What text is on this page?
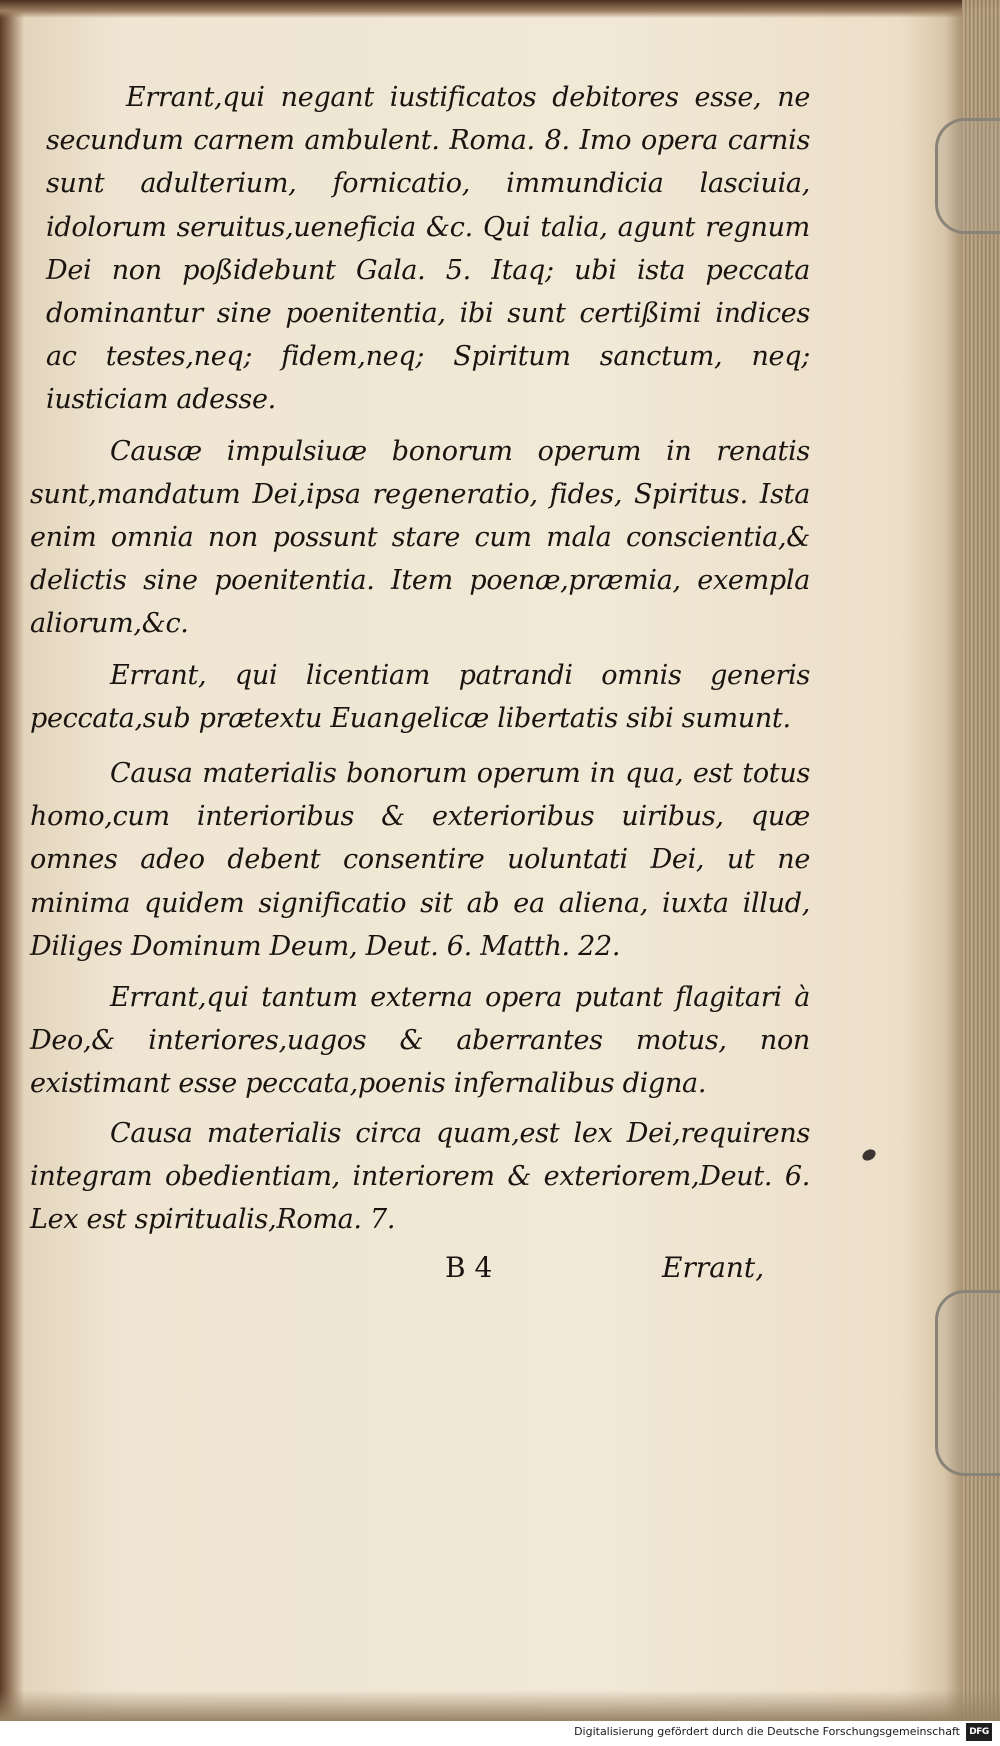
Errant,qui negant iustificatos debitores esse, ne secundum carnem ambulent. Roma. 8. Imo opera carnis sunt adulterium, fornicatio, immundicia lasciuia, idolorum seruitus,ueneficia &c. Qui talia, agunt regnum Dei non poßidebunt Gala. 5. Itaq; ubi ista peccata dominantur sine poenitentia, ibi sunt certißimi indices ac testes,neq; fidem,neq; Spiritum sanctum, neq; iusticiam adesse.

Causæ impulsiuæ bonorum operum in renatis sunt,mandatum Dei,ipsa regeneratio, fides, Spiritus. Ista enim omnia non possunt stare cum mala conscientia,& delictis sine poenitentia. Item poenæ,præmia, exempla aliorum,&c.

Errant, qui licentiam patrandi omnis generis peccata,sub prætextu Euangelicæ libertatis sibi sumunt.

Causa materialis bonorum operum in qua, est totus homo,cum interioribus & exterioribus uiribus, quæ omnes adeo debent consentire uoluntati Dei, ut ne minima quidem significatio sit ab ea aliena, iuxta illud, Diliges Dominum Deum, Deut. 6. Matth. 22.

Errant,qui tantum externa opera putant flagitari à Deo,& interiores,uagos & aberrantes motus, non existimant esse peccata,poenis infernalibus digna.

Causa materialis circa quam,est lex Dei,requirens integram obedientiam, interiorem & exteriorem,Deut. 6. Lex est spiritualis,Roma. 7.

B 4	Errant,
Digitalisierung gefördert durch die Deutsche Forschungsgemeinschaft	DFG
